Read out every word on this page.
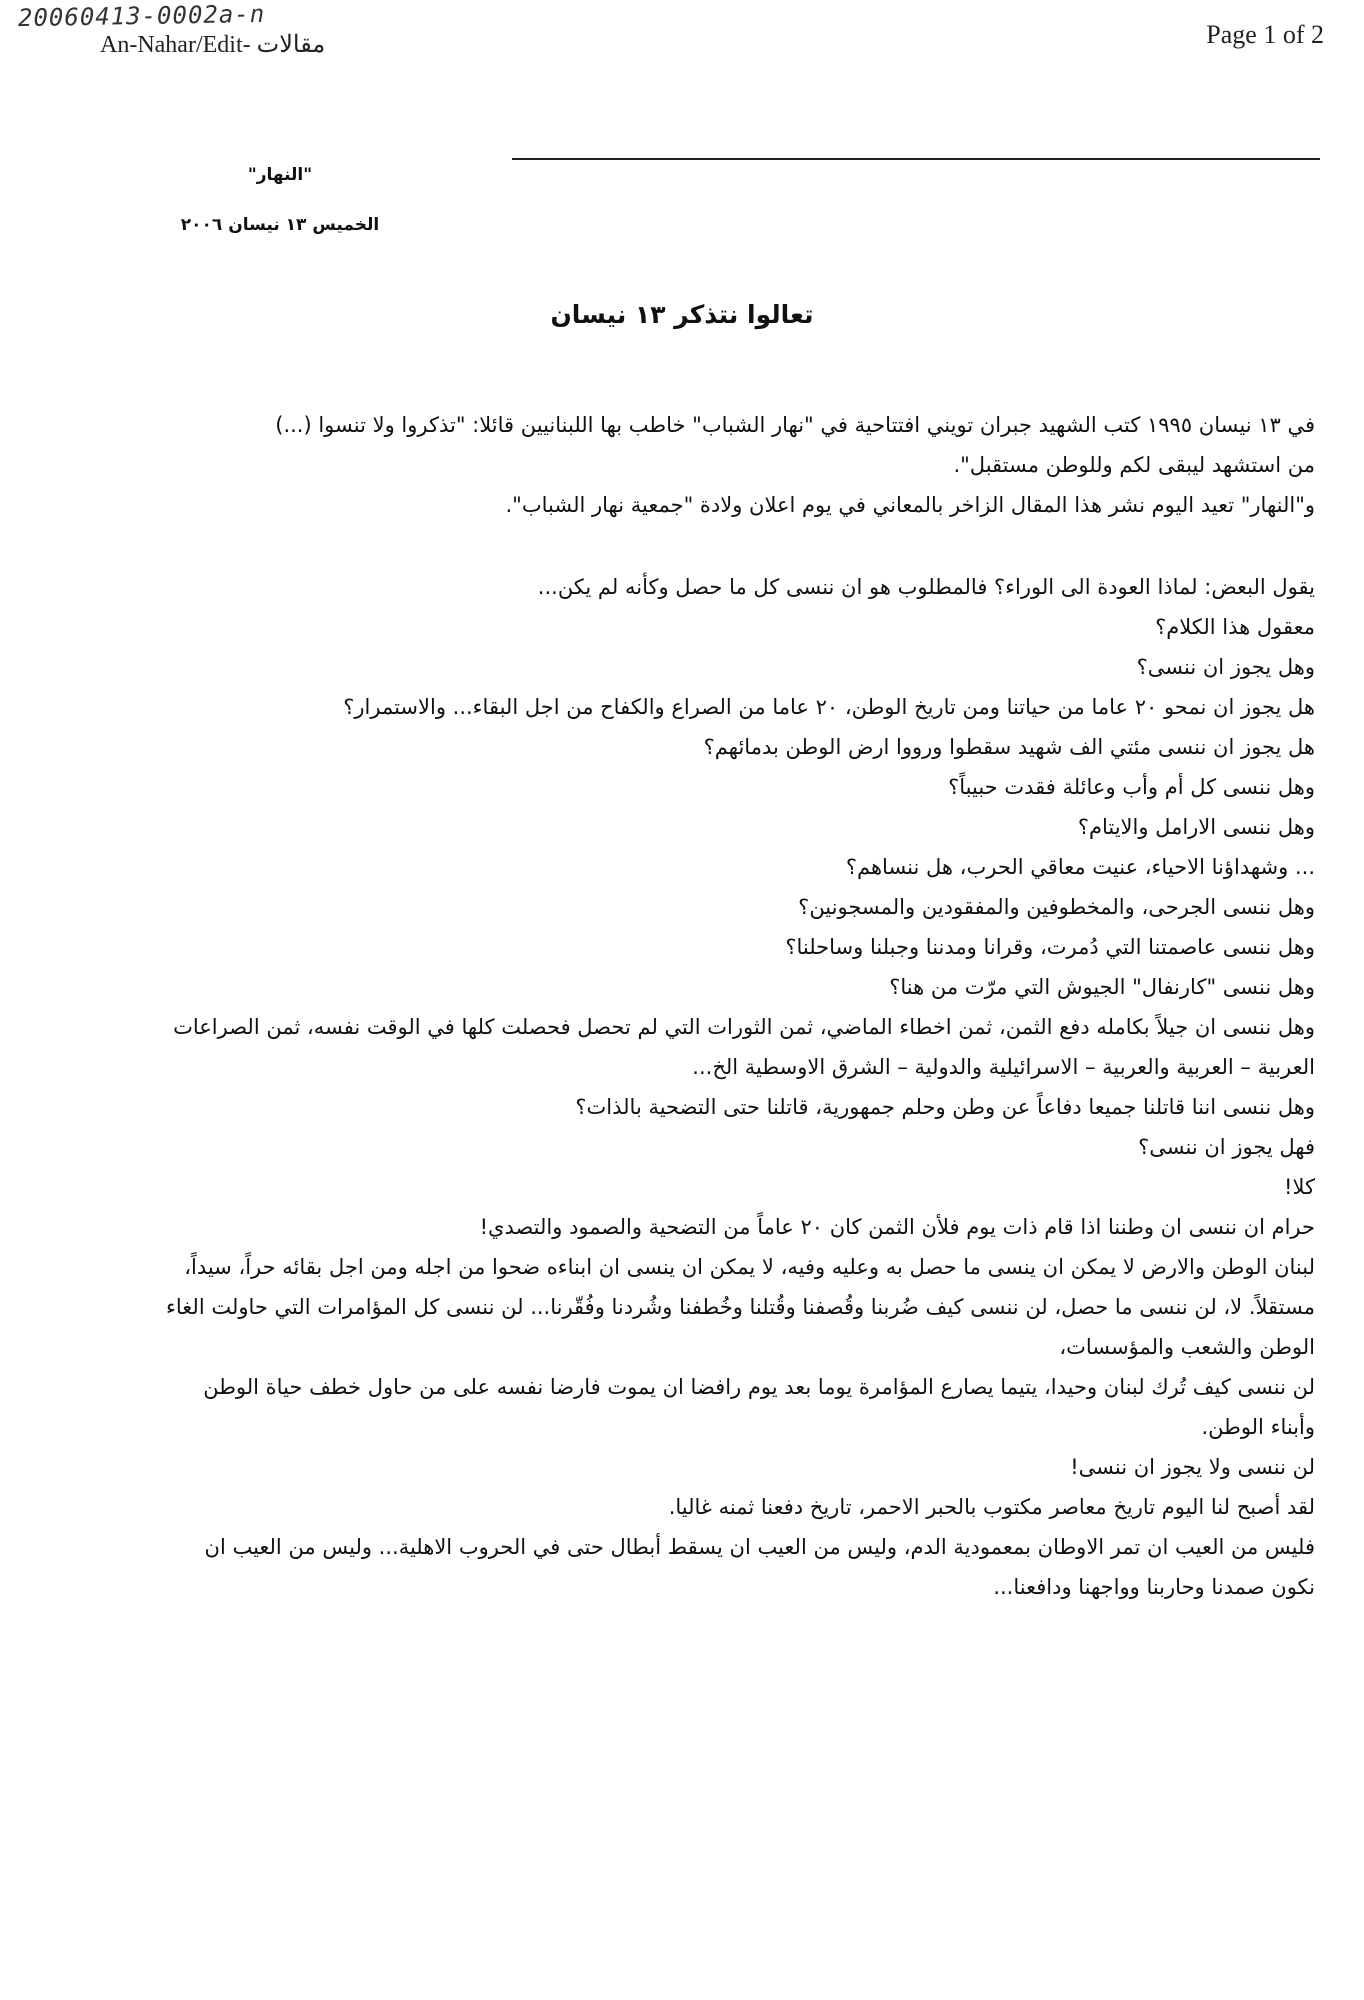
20060413-0002a-n
An-Nahar/Edit- مقالات	Page 1 of 2
"النهار"
الخميس ١٣ نيسان ٢٠٠٦
تعالوا نتذكر ١٣ نيسان

في ١٣ نيسان ١٩٩٥ كتب الشهيد جبران تويني افتتاحية في "نهار الشباب" خاطب بها اللبنانيين قائلا: "تذكروا ولا تنسوا (...)

من استشهد ليبقى لكم وللوطن مستقبل".

و"النهار" تعيد اليوم نشر هذا المقال الزاخر بالمعاني في يوم اعلان ولادة "جمعية نهار الشباب".

يقول البعض: لماذا العودة الى الوراء؟ فالمطلوب هو ان ننسى كل ما حصل وكأنه لم يكن...

معقول هذا الكلام؟

وهل يجوز ان ننسى؟

هل يجوز ان نمحو ٢٠ عاما من حياتنا ومن تاريخ الوطن، ٢٠ عاما من الصراع والكفاح من اجل البقاء... والاستمرار؟

هل يجوز ان ننسى مئتي الف شهيد سقطوا ورووا ارض الوطن بدمائهم؟

وهل ننسى كل أم وأب وعائلة فقدت حبيباً؟

وهل ننسى الارامل والايتام؟

... وشهداؤنا الاحياء، عنيت معاقي الحرب، هل ننساهم؟

وهل ننسى الجرحى، والمخطوفين والمفقودين والمسجونين؟

وهل ننسى عاصمتنا التي دُمرت، وقرانا ومدننا وجبلنا وساحلنا؟

وهل ننسى "كارنفال" الجيوش التي مرّت من هنا؟

وهل ننسى ان جيلاً بكامله دفع الثمن، ثمن اخطاء الماضي، ثمن الثورات التي لم تحصل فحصلت كلها في الوقت نفسه، ثمن الصراعات العربية – العربية والعربية – الاسرائيلية والدولية – الشرق الاوسطية الخ...

وهل ننسى اننا قاتلنا جميعا دفاعاً عن وطن وحلم جمهورية، قاتلنا حتى التضحية بالذات؟

فهل يجوز ان ننسى؟

كلا!

حرام ان ننسى ان وطننا اذا قام ذات يوم فلأن الثمن كان ٢٠ عاماً من التضحية والصمود والتصدي!

لبنان الوطن والارض لا يمكن ان ينسى ما حصل به وعليه وفيه، لا يمكن ان ينسى ان ابناءه ضحوا من اجله ومن اجل بقائه حراً، سيداً، مستقلاً. لا، لن ننسى ما حصل، لن ننسى كيف ضُربنا وقُصفنا وقُتلنا وخُطفنا وشُردنا وفُقّرنا... لن ننسى كل المؤامرات التي حاولت الغاء الوطن والشعب والمؤسسات،

لن ننسى كيف تُرك لبنان وحيدا، يتيما يصارع المؤامرة يوما بعد يوم رافضا ان يموت فارضا نفسه على من حاول خطف حياة الوطن وأبناء الوطن.

لن ننسى ولا يجوز ان ننسى!

لقد أصبح لنا اليوم تاريخ معاصر مكتوب بالحبر الاحمر، تاريخ دفعنا ثمنه غاليا.

فليس من العيب ان تمر الاوطان بمعمودية الدم، وليس من العيب ان يسقط أبطال حتى في الحروب الاهلية... وليس من العيب ان نكون صمدنا وحاربنا وواجهنا ودافعنا...
